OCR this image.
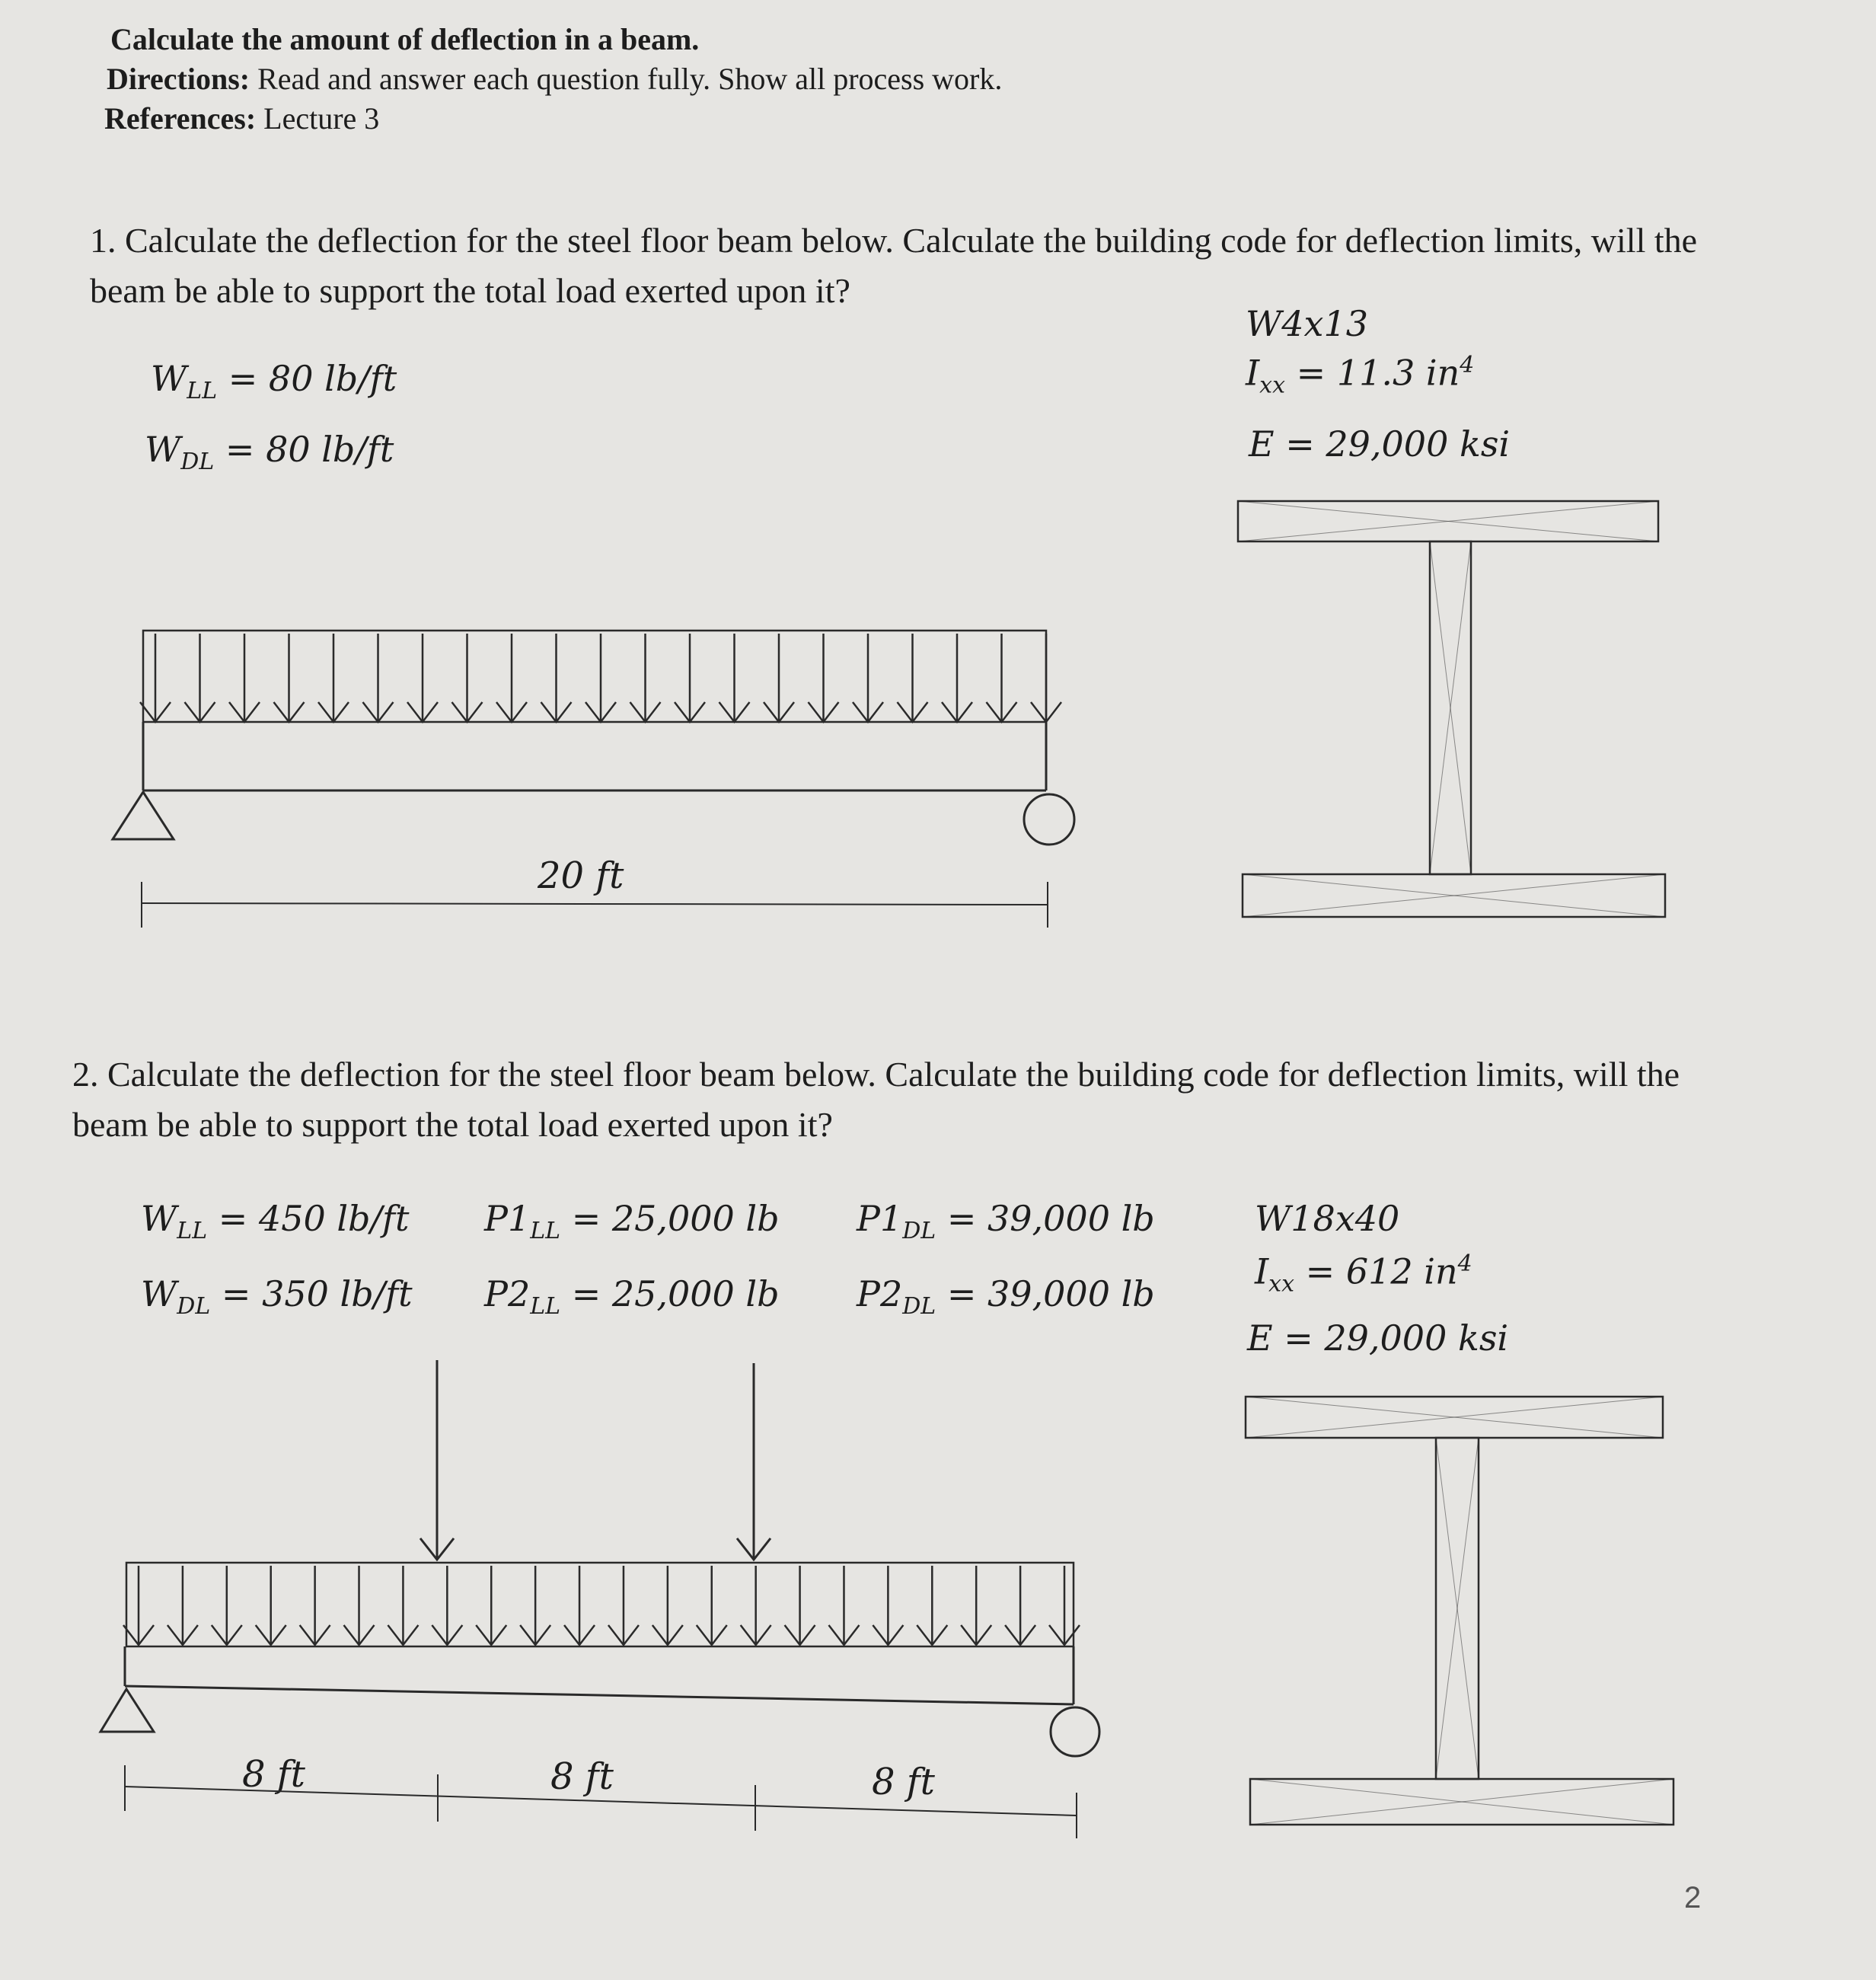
Calculate the amount of deflection in a beam.
Directions: Read and answer each question fully. Show all process work.
References: Lecture 3
1. Calculate the deflection for the steel floor beam below. Calculate the building code for deflection limits, will the beam be able to support the total load exerted upon it?
$W_{LL} = 80$ lb/ft
$W_{DL} = 80$ lb/ft
W4x13
$I_{xx} = 11.3$ $in^4$
E = 29,000 ksi
20 ft
2. Calculate the deflection for the steel floor beam below. Calculate the building code for deflection limits, will the beam be able to support the total load exerted upon it?
$W_{LL} = 450$ lb/ft
$W_{DL} = 350$ lb/ft
$P1_{LL} = 25,000$ lb
$P2_{LL} = 25,000$ lb
$P1_{DL} = 39,000$ lb
$P2_{DL} = 39,000$ lb
W18x40
$I_{xx} = 612$ $in^4$
E = 29,000 ksi
8 ft	8 ft	8 ft
2
